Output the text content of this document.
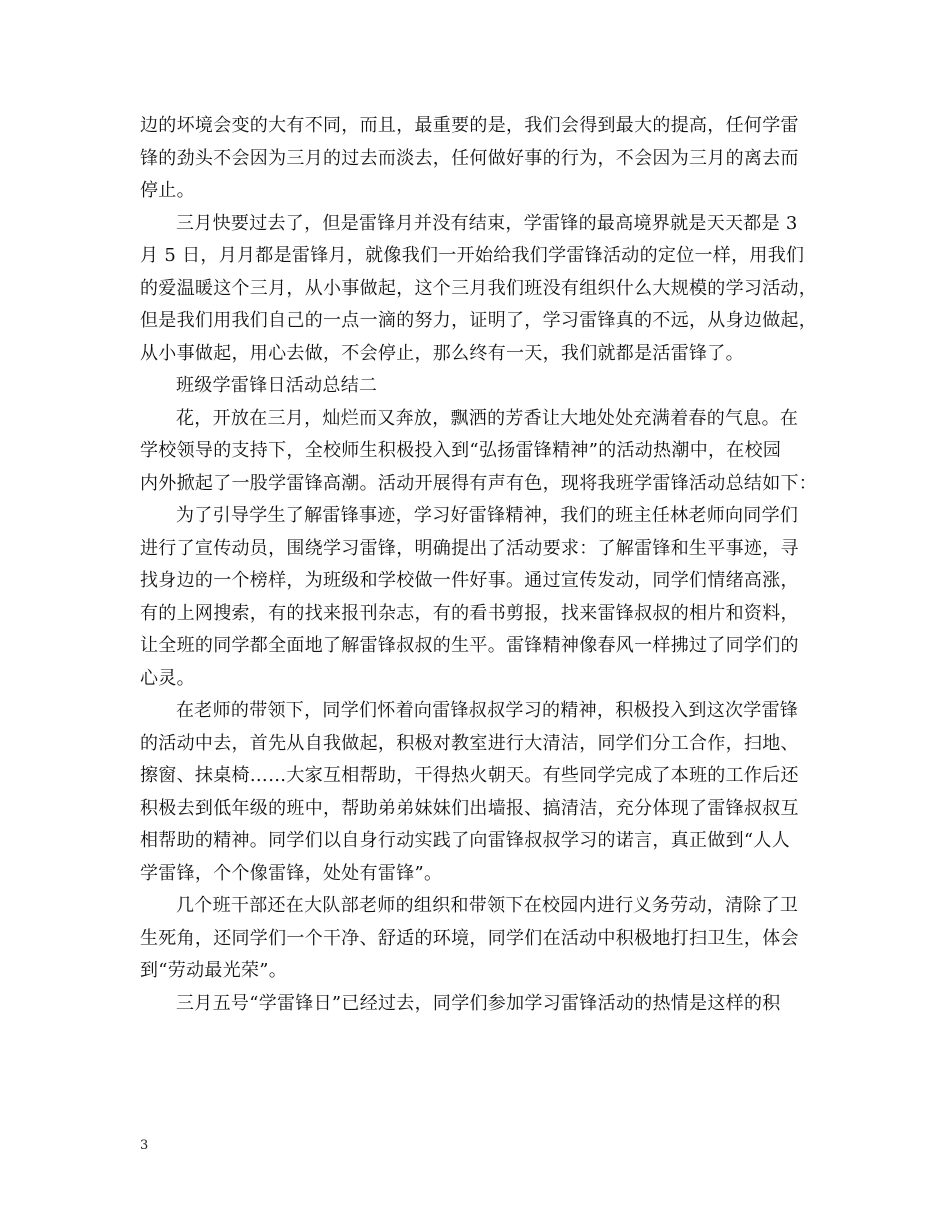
边的坏境会变的大有不同，而且，最重要的是，我们会得到最大的提高，任何学雷
锋的劲头不会因为三月的过去而淡去，任何做好事的行为，不会因为三月的离去而
停止。
三月快要过去了，但是雷锋月并没有结束，学雷锋的最高境界就是天天都是 3
月 5 日，月月都是雷锋月，就像我们一开始给我们学雷锋活动的定位一样，用我们
的爱温暖这个三月，从小事做起，这个三月我们班没有组织什么大规模的学习活动，
但是我们用我们自己的一点一滴的努力，证明了，学习雷锋真的不远，从身边做起，
从小事做起，用心去做，不会停止，那么终有一天，我们就都是活雷锋了。
班级学雷锋日活动总结二
花，开放在三月，灿烂而又奔放，飘洒的芳香让大地处处充满着春的气息。在
学校领导的支持下，全校师生积极投入到“弘扬雷锋精神”的活动热潮中，在校园
内外掀起了一股学雷锋高潮。活动开展得有声有色，现将我班学雷锋活动总结如下：
为了引导学生了解雷锋事迹，学习好雷锋精神，我们的班主任林老师向同学们
进行了宣传动员，围绕学习雷锋，明确提出了活动要求：了解雷锋和生平事迹，寻
找身边的一个榜样，为班级和学校做一件好事。通过宣传发动，同学们情绪高涨，
有的上网搜索，有的找来报刊杂志，有的看书剪报，找来雷锋叔叔的相片和资料，
让全班的同学都全面地了解雷锋叔叔的生平。雷锋精神像春风一样拂过了同学们的
心灵。
在老师的带领下，同学们怀着向雷锋叔叔学习的精神，积极投入到这次学雷锋
的活动中去，首先从自我做起，积极对教室进行大清洁，同学们分工合作，扫地、
擦窗、抹桌椅……大家互相帮助，干得热火朝天。有些同学完成了本班的工作后还
积极去到低年级的班中，帮助弟弟妹妹们出墙报、搞清洁，充分体现了雷锋叔叔互
相帮助的精神。同学们以自身行动实践了向雷锋叔叔学习的诺言，真正做到“人人
学雷锋，个个像雷锋，处处有雷锋”。
几个班干部还在大队部老师的组织和带领下在校园内进行义务劳动，清除了卫
生死角，还同学们一个干净、舒适的环境，同学们在活动中积极地打扫卫生，体会
到“劳动最光荣”。
三月五号“学雷锋日”已经过去，同学们参加学习雷锋活动的热情是这样的积
3
